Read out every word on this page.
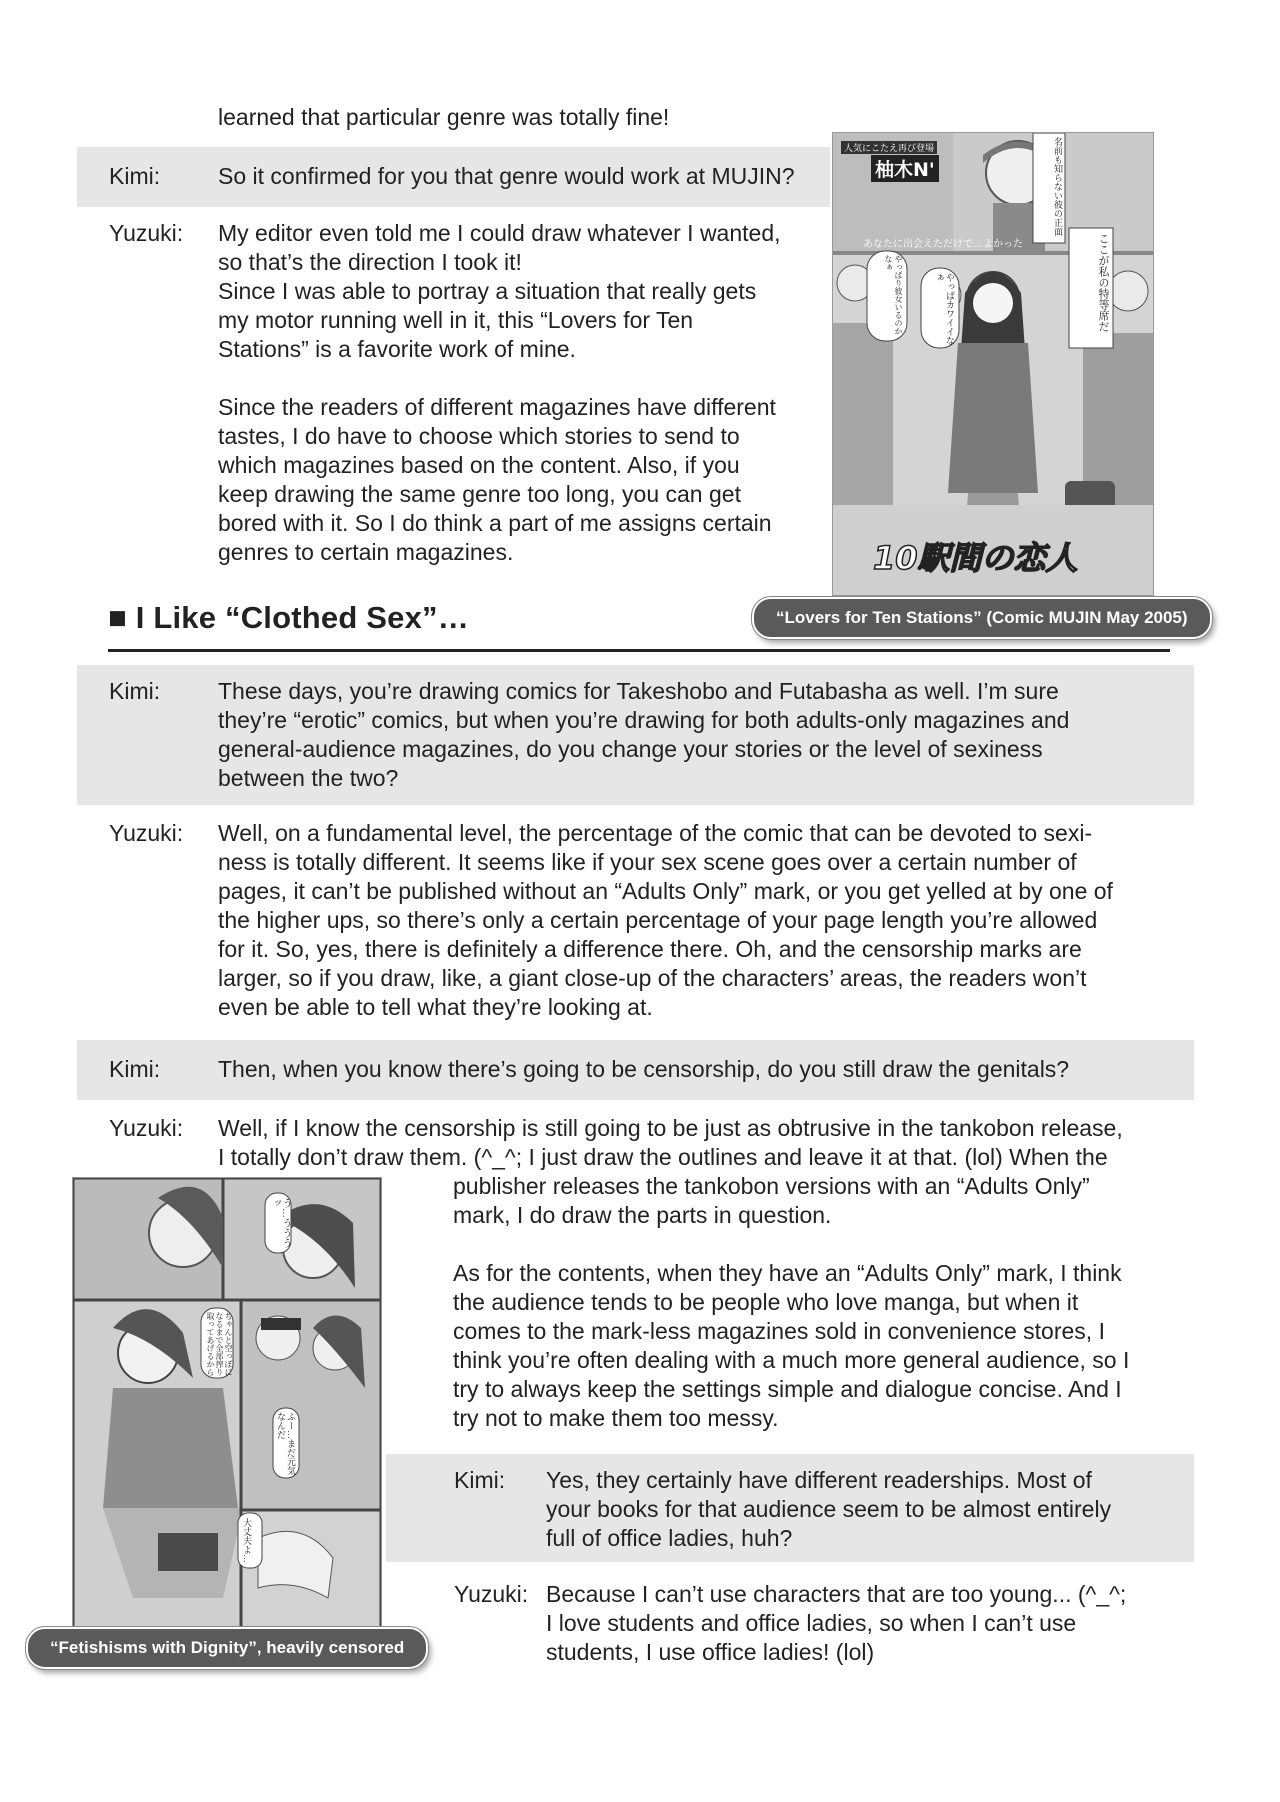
learned that particular genre was totally fine!
Kimi:	So it confirmed for you that genre would work at MUJIN?
Yuzuki: My editor even told me I could draw whatever I wanted,
so that’s the direction I took it!
Since I was able to portray a situation that really gets
my motor running well in it, this “Lovers for Ten
Stations” is a favorite work of mine.

Since the readers of different magazines have different
tastes, I do have to choose which stories to send to
which magazines based on the content. Also, if you
keep drawing the same genre too long, you can get
bored with it. So I do think a part of me assigns certain
genres to certain magazines.
人気にこたえ再び登場
柚木N'
あなたに出会えただけで…よかった	ここが私の特等席だ
名前も知らない彼の正面
やっぱカワイイなぁ
やっぱり彼女いるのかなぁ
10駅間の恋人
“Lovers for Ten Stations” (Comic MUJIN May 2005)
■ I Like “Clothed Sex”…
Kimi:	These days, you’re drawing comics for Takeshobo and Futabasha as well. I’m sure
they’re “erotic” comics, but when you’re drawing for both adults-only magazines and
general-audience magazines, do you change your stories or the level of sexiness
between the two?
Yuzuki: Well, on a fundamental level, the percentage of the comic that can be devoted to sexi-
ness is totally different. It seems like if your sex scene goes over a certain number of
pages, it can’t be published without an “Adults Only” mark, or you get yelled at by one of
the higher ups, so there’s only a certain percentage of your page length you’re allowed
for it. So, yes, there is definitely a difference there. Oh, and the censorship marks are
larger, so if you draw, like, a giant close-up of the characters’ areas, the readers won’t
even be able to tell what they’re looking at.
Kimi:	Then, when you know there’s going to be censorship, do you still draw the genitals?
Yuzuki: Well, if I know the censorship is still going to be just as obtrusive in the tankobon release,
I totally don’t draw them. (^_^; I just draw the outlines and leave it at that. (lol) When the
publisher releases the tankobon versions with an “Adults Only”
mark, I do draw the parts in question.

As for the contents, when they have an “Adults Only” mark, I think
the audience tends to be people who love manga, but when it
comes to the mark-less magazines sold in convenience stores, I
think you’re often dealing with a much more general audience, so I
try to always keep the settings simple and dialogue concise. And I
try not to make them too messy.
Kimi: Yes, they certainly have different readerships. Most of
your books for that audience seem to be almost entirely
full of office ladies, huh?
Yuzuki: Because I can’t use characters that are too young... (^_^;
I love students and office ladies, so when I can’t use
students, I use office ladies! (lol)
う…うううッ
ちゃんと空っぽになるまで全部搾り取ってあげるから
ふー…まだ元気なんだ
大丈夫よ…
“Fetishisms with Dignity”, heavily censored
